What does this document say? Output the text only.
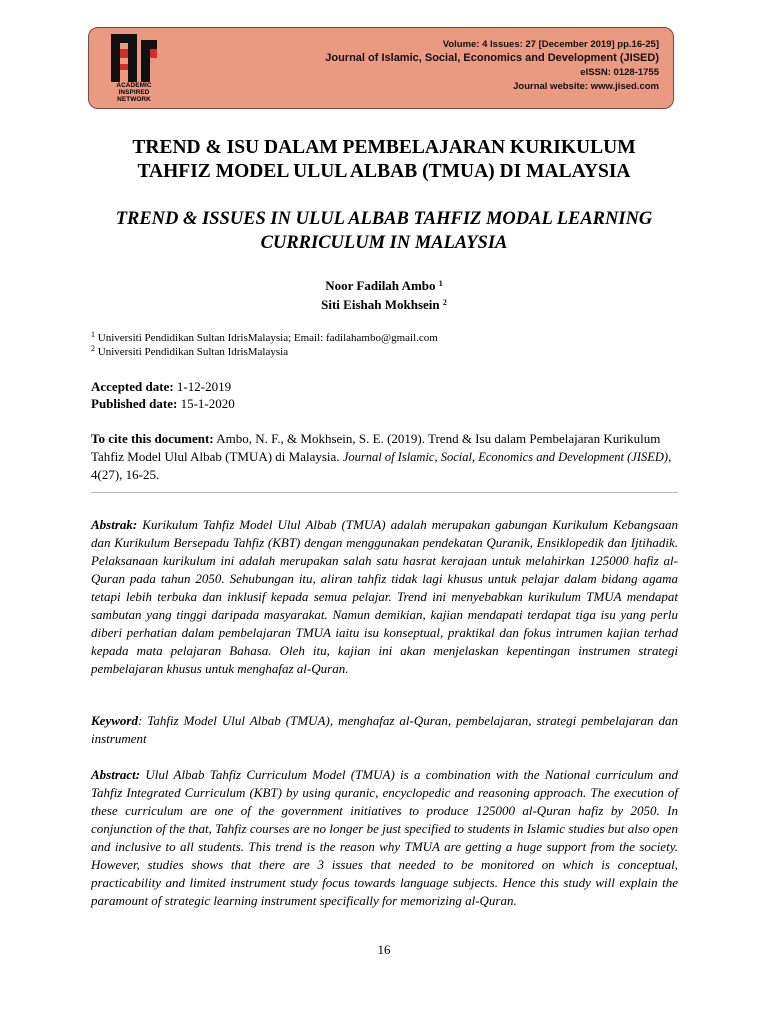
ACADEMIC
INSPIRED
NETWORK
Volume: 4 Issues: 27 [December 2019] pp.16-25]
Journal of Islamic, Social, Economics and Development (JISED)
eISSN: 0128-1755
Journal website: www.jised.com
TREND & ISU DALAM PEMBELAJARAN KURIKULUM
TAHFIZ MODEL ULUL ALBAB (TMUA) DI MALAYSIA
TREND & ISSUES IN ULUL ALBAB TAHFIZ MODAL LEARNING
CURRICULUM IN MALAYSIA
Noor Fadilah Ambo $^1$
Siti Eishah Mokhsein $^2$
$^1$ Universiti Pendidikan Sultan IdrisMalaysia; Email: fadilahambo@gmail.com
$^2$ Universiti Pendidikan Sultan IdrisMalaysia
Accepted date: 1-12-2019
Published date: 15-1-2020
To cite this document: Ambo, N. F., & Mokhsein, S. E. (2019). Trend & Isu dalam Pembelajaran Kurikulum Tahfiz Model Ulul Albab (TMUA) di Malaysia. Journal of Islamic, Social, Economics and Development (JISED), 4(27), 16-25.

Abstrak: Kurikulum Tahfiz Model Ulul Albab (TMUA) adalah merupakan gabungan Kurikulum Kebangsaan dan Kurikulum Bersepadu Tahfiz (KBT) dengan menggunakan pendekatan Quranik, Ensiklopedik dan Ijtihadik. Pelaksanaan kurikulum ini adalah merupakan salah satu hasrat kerajaan untuk melahirkan 125000 hafiz al-Quran pada tahun 2050. Sehubungan itu, aliran tahfiz tidak lagi khusus untuk pelajar dalam bidang agama tetapi lebih terbuka dan inklusif kepada semua pelajar. Trend ini menyebabkan kurikulum TMUA mendapat sambutan yang tinggi daripada masyarakat. Namun demikian, kajian mendapati terdapat tiga isu yang perlu diberi perhatian dalam pembelajaran TMUA iaitu isu konseptual, praktikal dan fokus intrumen kajian terhad kepada mata pelajaran Bahasa. Oleh itu, kajian ini akan menjelaskan kepentingan instrumen strategi pembelajaran khusus untuk menghafaz al-Quran.

Keyword: Tahfiz Model Ulul Albab (TMUA), menghafaz al-Quran, pembelajaran, strategi pembelajaran dan instrument

Abstract: Ulul Albab Tahfiz Curriculum Model (TMUA) is a combination with the National curriculum and Tahfiz Integrated Curriculum (KBT) by using quranic, encyclopedic and reasoning approach. The execution of these curriculum are one of the government initiatives to produce 125000 al-Quran hafiz by 2050. In conjunction of the that, Tahfiz courses are no longer be just specified to students in Islamic studies but also open and inclusive to all students. This trend is the reason why TMUA are getting a huge support from the society. However, studies shows that there are 3 issues that needed to be monitored on which is conceptual, practicability and limited instrument study focus towards language subjects. Hence this study will explain the paramount of strategic learning instrument specifically for memorizing al-Quran.

16
